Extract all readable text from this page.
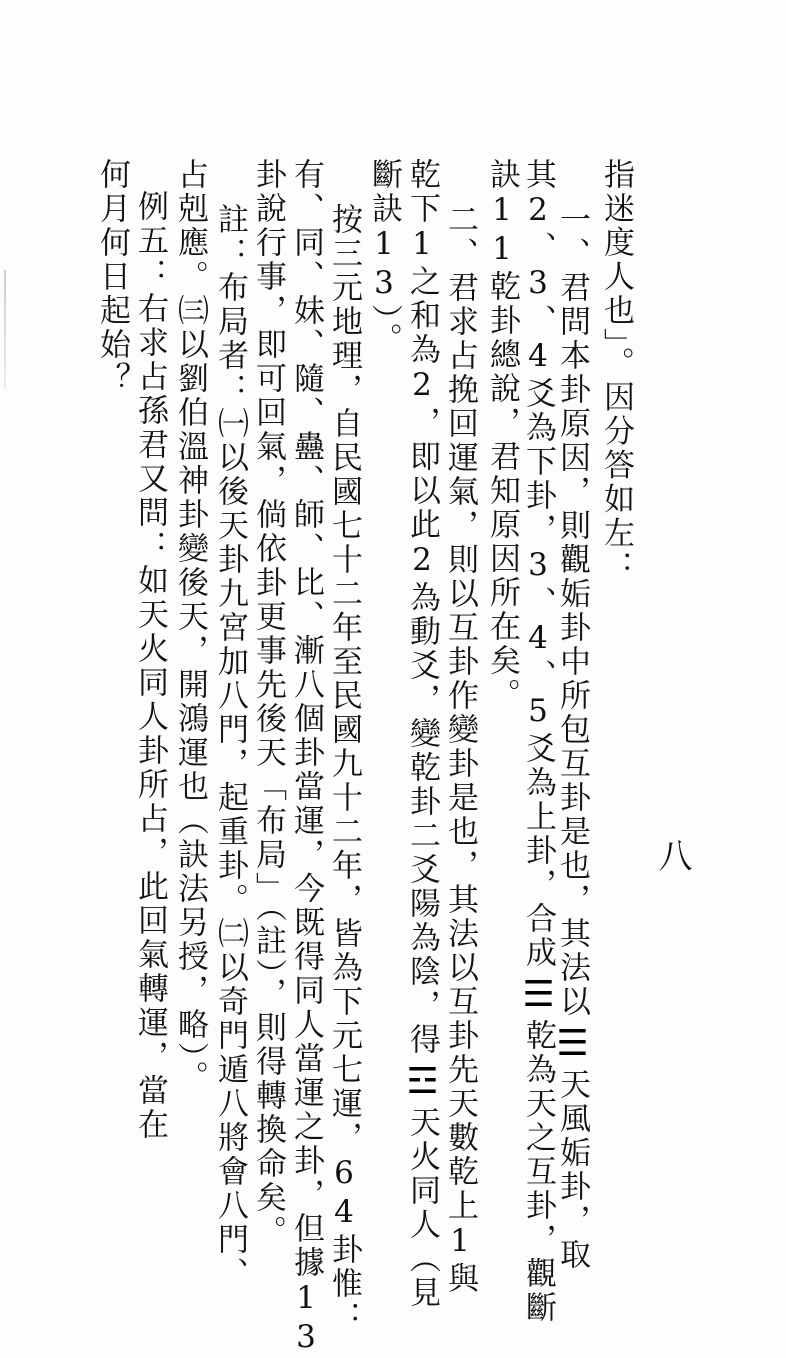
八
指迷度人也」。因分答如左：
一、君問本卦原因，則觀姤卦中所包互卦是也，其法以☰天風姤卦，取
其2、3、4爻為下卦，3、4、5爻為上卦，合成☰乾為天之互卦，觀斷
訣11乾卦總說，君知原因所在矣。
二、君求占挽回運氣，則以互卦作變卦是也，其法以互卦先天數乾上1與
乾下1之和為2，即以此2為動爻，變乾卦二爻陽為陰，得☲天火同人（見
斷訣13）。
按三元地理，自民國七十二年至民國九十二年，皆為下元七運，64卦惟：
有、同、妹、隨、蠱、師、比、漸八個卦當運，今既得同人當運之卦，但據13
卦說行事，即可回氣，倘依卦更事先後天「布局」（註），則得轉換命矣。
註：布局者：㈠以後天卦九宮加八門，起重卦。㈡以奇門遁八將會八門、
占剋應。㈢以劉伯溫神卦變後天，開鴻運也（訣法另授，略）。
例五：右求占孫君又問：如天火同人卦所占，此回氣轉運，當在
何月何日起始？
